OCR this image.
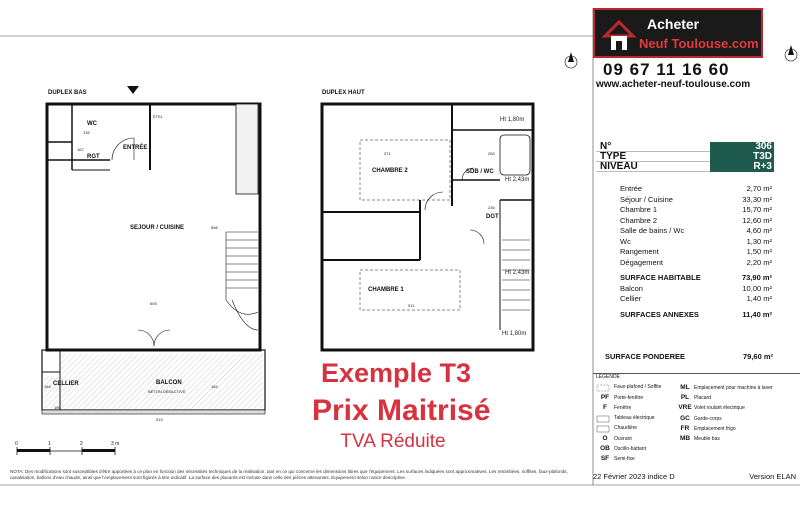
DUPLEX BAS	DUPLEX HAUT
WC
RGT
ENTRÉE
SEJOUR / CUISINE
CELLIER	BALCON
BÉTON DÉSACTIVÉ
ETEL
CHAMBRE 2	SDB / WC
DGT
CHAMBRE 1
Ht 1,80m
Ht 2,43m
Ht 2,43m
Ht 1,80m
605
696
911
915
190
184	184
371	250
236
135
167
0	1	2	3 m
Exemple T3
Prix Maitrisé
TVA Réduite
Acheter
Neuf Toulouse.com
09 67 11 16 60
www.acheter-neuf-toulouse.com
N°	306
TYPE	T3D
NIVEAU	R+3
Entrée	2,70 m²
Séjour / Cuisine	33,30 m²
Chambre 1	15,70 m²
Chambre 2	12,60 m²
Salle de bains / Wc	4,60 m²
Wc	1,30 m²
Rangement	1,50 m²
Dégagement	2,20 m²
SURFACE HABITABLE	73,90 m²
Balcon	10,00 m²
Cellier	1,40 m²
SURFACES ANNEXES	11,40 m²
SURFACE PONDEREE	79,60 m²
LEGENDE
Faux-plafond / Soffite
PF Porte-fenêtre
F Fenêtre
Tableau électrique
Chaudière
O Ouvrant
OB Oscillo-battant
SF Semi-fixe
ML Emplacement pour machine à laver
PL Placard
VRE Volet roulant électrique
GC Garde-corps
FR Emplacement frigo
MB Meuble bas
NOTA: Des modifications sont susceptibles d'être apportées à ce plan en fonction des nécessités techniques de la réalisation, tant en ce qui concerne les dimensions libres que l'équipement. Les surfaces indiquées sont approximatives. Les retombées, soffites, faux-plafonds, canalisation, ballons d'eau chaude, ainsi que l'emplacement sont figurés à titre indicatif. La surface des placards est incluse dans celle des pièces attenantes. Equipement selon notice descriptive.	22 Février 2023 indice D	Version ELAN
